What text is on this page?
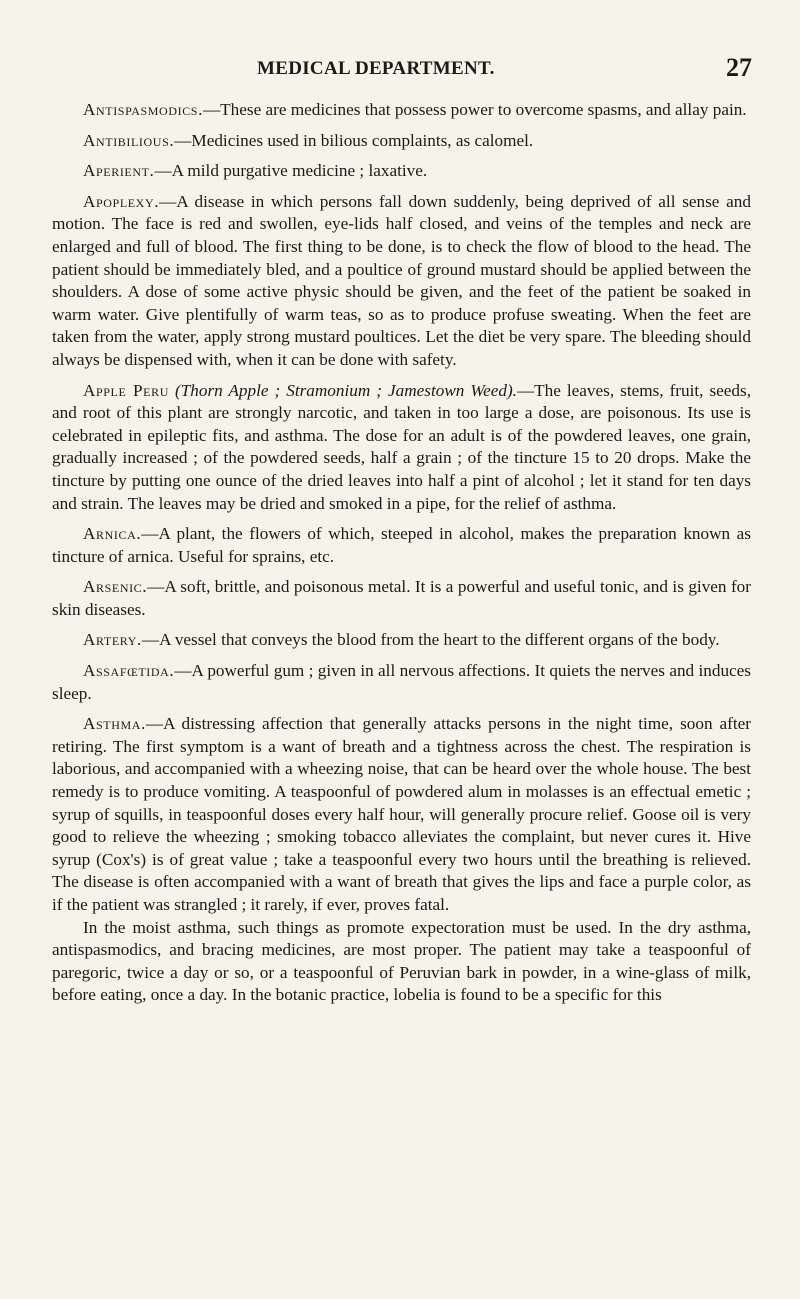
MEDICAL DEPARTMENT.	27

Antispasmodics.—These are medicines that possess power to overcome spasms, and allay pain.

Antibilious.—Medicines used in bilious complaints, as calomel.

Aperient.—A mild purgative medicine ; laxative.

Apoplexy.—A disease in which persons fall down suddenly, being deprived of all sense and motion. The face is red and swollen, eye-lids half closed, and veins of the temples and neck are enlarged and full of blood. The first thing to be done, is to check the flow of blood to the head. The patient should be immediately bled, and a poultice of ground mustard should be applied between the shoulders. A dose of some active physic should be given, and the feet of the patient be soaked in warm water. Give plentifully of warm teas, so as to produce profuse sweating. When the feet are taken from the water, apply strong mustard poultices. Let the diet be very spare. The bleeding should always be dispensed with, when it can be done with safety.

Apple Peru (Thorn Apple ; Stramonium ; Jamestown Weed).—The leaves, stems, fruit, seeds, and root of this plant are strongly narcotic, and taken in too large a dose, are poisonous. Its use is celebrated in epileptic fits, and asthma. The dose for an adult is of the powdered leaves, one grain, gradually increased ; of the powdered seeds, half a grain ; of the tincture 15 to 20 drops. Make the tincture by putting one ounce of the dried leaves into half a pint of alcohol ; let it stand for ten days and strain. The leaves may be dried and smoked in a pipe, for the relief of asthma.

Arnica.—A plant, the flowers of which, steeped in alcohol, makes the preparation known as tincture of arnica. Useful for sprains, etc.

Arsenic.—A soft, brittle, and poisonous metal. It is a powerful and useful tonic, and is given for skin diseases.

Artery.—A vessel that conveys the blood from the heart to the different organs of the body.

Assafœtida.—A powerful gum ; given in all nervous affections. It quiets the nerves and induces sleep.

Asthma.—A distressing affection that generally attacks persons in the night time, soon after retiring. The first symptom is a want of breath and a tightness across the chest. The respiration is laborious, and accompanied with a wheezing noise, that can be heard over the whole house. The best remedy is to produce vomiting. A teaspoonful of powdered alum in molasses is an effectual emetic ; syrup of squills, in teaspoonful doses every half hour, will generally procure relief. Goose oil is very good to relieve the wheezing ; smoking tobacco alleviates the complaint, but never cures it. Hive syrup (Cox's) is of great value ; take a teaspoonful every two hours until the breathing is relieved. The disease is often accompanied with a want of breath that gives the lips and face a purple color, as if the patient was strangled ; it rarely, if ever, proves fatal.

In the moist asthma, such things as promote expectoration must be used. In the dry asthma, antispasmodics, and bracing medicines, are most proper. The patient may take a teaspoonful of paregoric, twice a day or so, or a teaspoonful of Peruvian bark in powder, in a wine-glass of milk, before eating, once a day. In the botanic practice, lobelia is found to be a specific for this
